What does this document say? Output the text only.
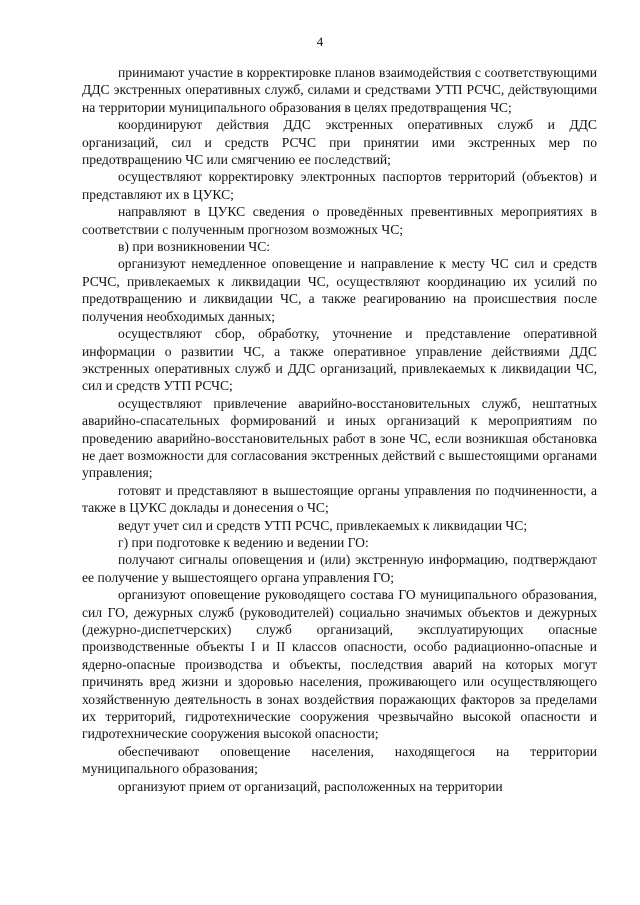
4

принимают участие в корректировке планов взаимодействия с соответствующими ДДС экстренных оперативных служб, силами и средствами УТП РСЧС, действующими на территории муниципального образования в целях предотвращения ЧС;

координируют действия ДДС экстренных оперативных служб и ДДС организаций, сил и средств РСЧС при принятии ими экстренных мер по предотвращению ЧС или смягчению ее последствий;

осуществляют корректировку электронных паспортов территорий (объектов) и представляют их в ЦУКС;

направляют в ЦУКС сведения о проведённых превентивных мероприятиях в соответствии с полученным прогнозом возможных ЧС;

в) при возникновении ЧС:

организуют немедленное оповещение и направление к месту ЧС сил и средств РСЧС, привлекаемых к ликвидации ЧС, осуществляют координацию их усилий по предотвращению и ликвидации ЧС, а также реагированию на происшествия после получения необходимых данных;

осуществляют сбор, обработку, уточнение и представление оперативной информации о развитии ЧС, а также оперативное управление действиями ДДС экстренных оперативных служб и ДДС организаций, привлекаемых к ликвидации ЧС, сил и средств УТП РСЧС;

осуществляют привлечение аварийно-восстановительных служб, нештатных аварийно-спасательных формирований и иных организаций к мероприятиям по проведению аварийно-восстановительных работ в зоне ЧС, если возникшая обстановка не дает возможности для согласования экстренных действий с вышестоящими органами управления;

готовят и представляют в вышестоящие органы управления по подчиненности, а также в ЦУКС доклады и донесения о ЧС;

ведут учет сил и средств УТП РСЧС, привлекаемых к ликвидации ЧС;

г) при подготовке к ведению и ведении ГО:

получают сигналы оповещения и (или) экстренную информацию, подтверждают ее получение у вышестоящего органа управления ГО;

организуют оповещение руководящего состава ГО муниципального образования, сил ГО, дежурных служб (руководителей) социально значимых объектов и дежурных (дежурно-диспетчерских) служб организаций, эксплуатирующих опасные производственные объекты I и II классов опасности, особо радиационно-опасные и ядерно-опасные производства и объекты, последствия аварий на которых могут причинять вред жизни и здоровью населения, проживающего или осуществляющего хозяйственную деятельность в зонах воздействия поражающих факторов за пределами их территорий, гидротехнические сооружения чрезвычайно высокой опасности и гидротехнические сооружения высокой опасности;

обеспечивают оповещение населения, находящегося на территории муниципального образования;

организуют прием от организаций, расположенных на территории
